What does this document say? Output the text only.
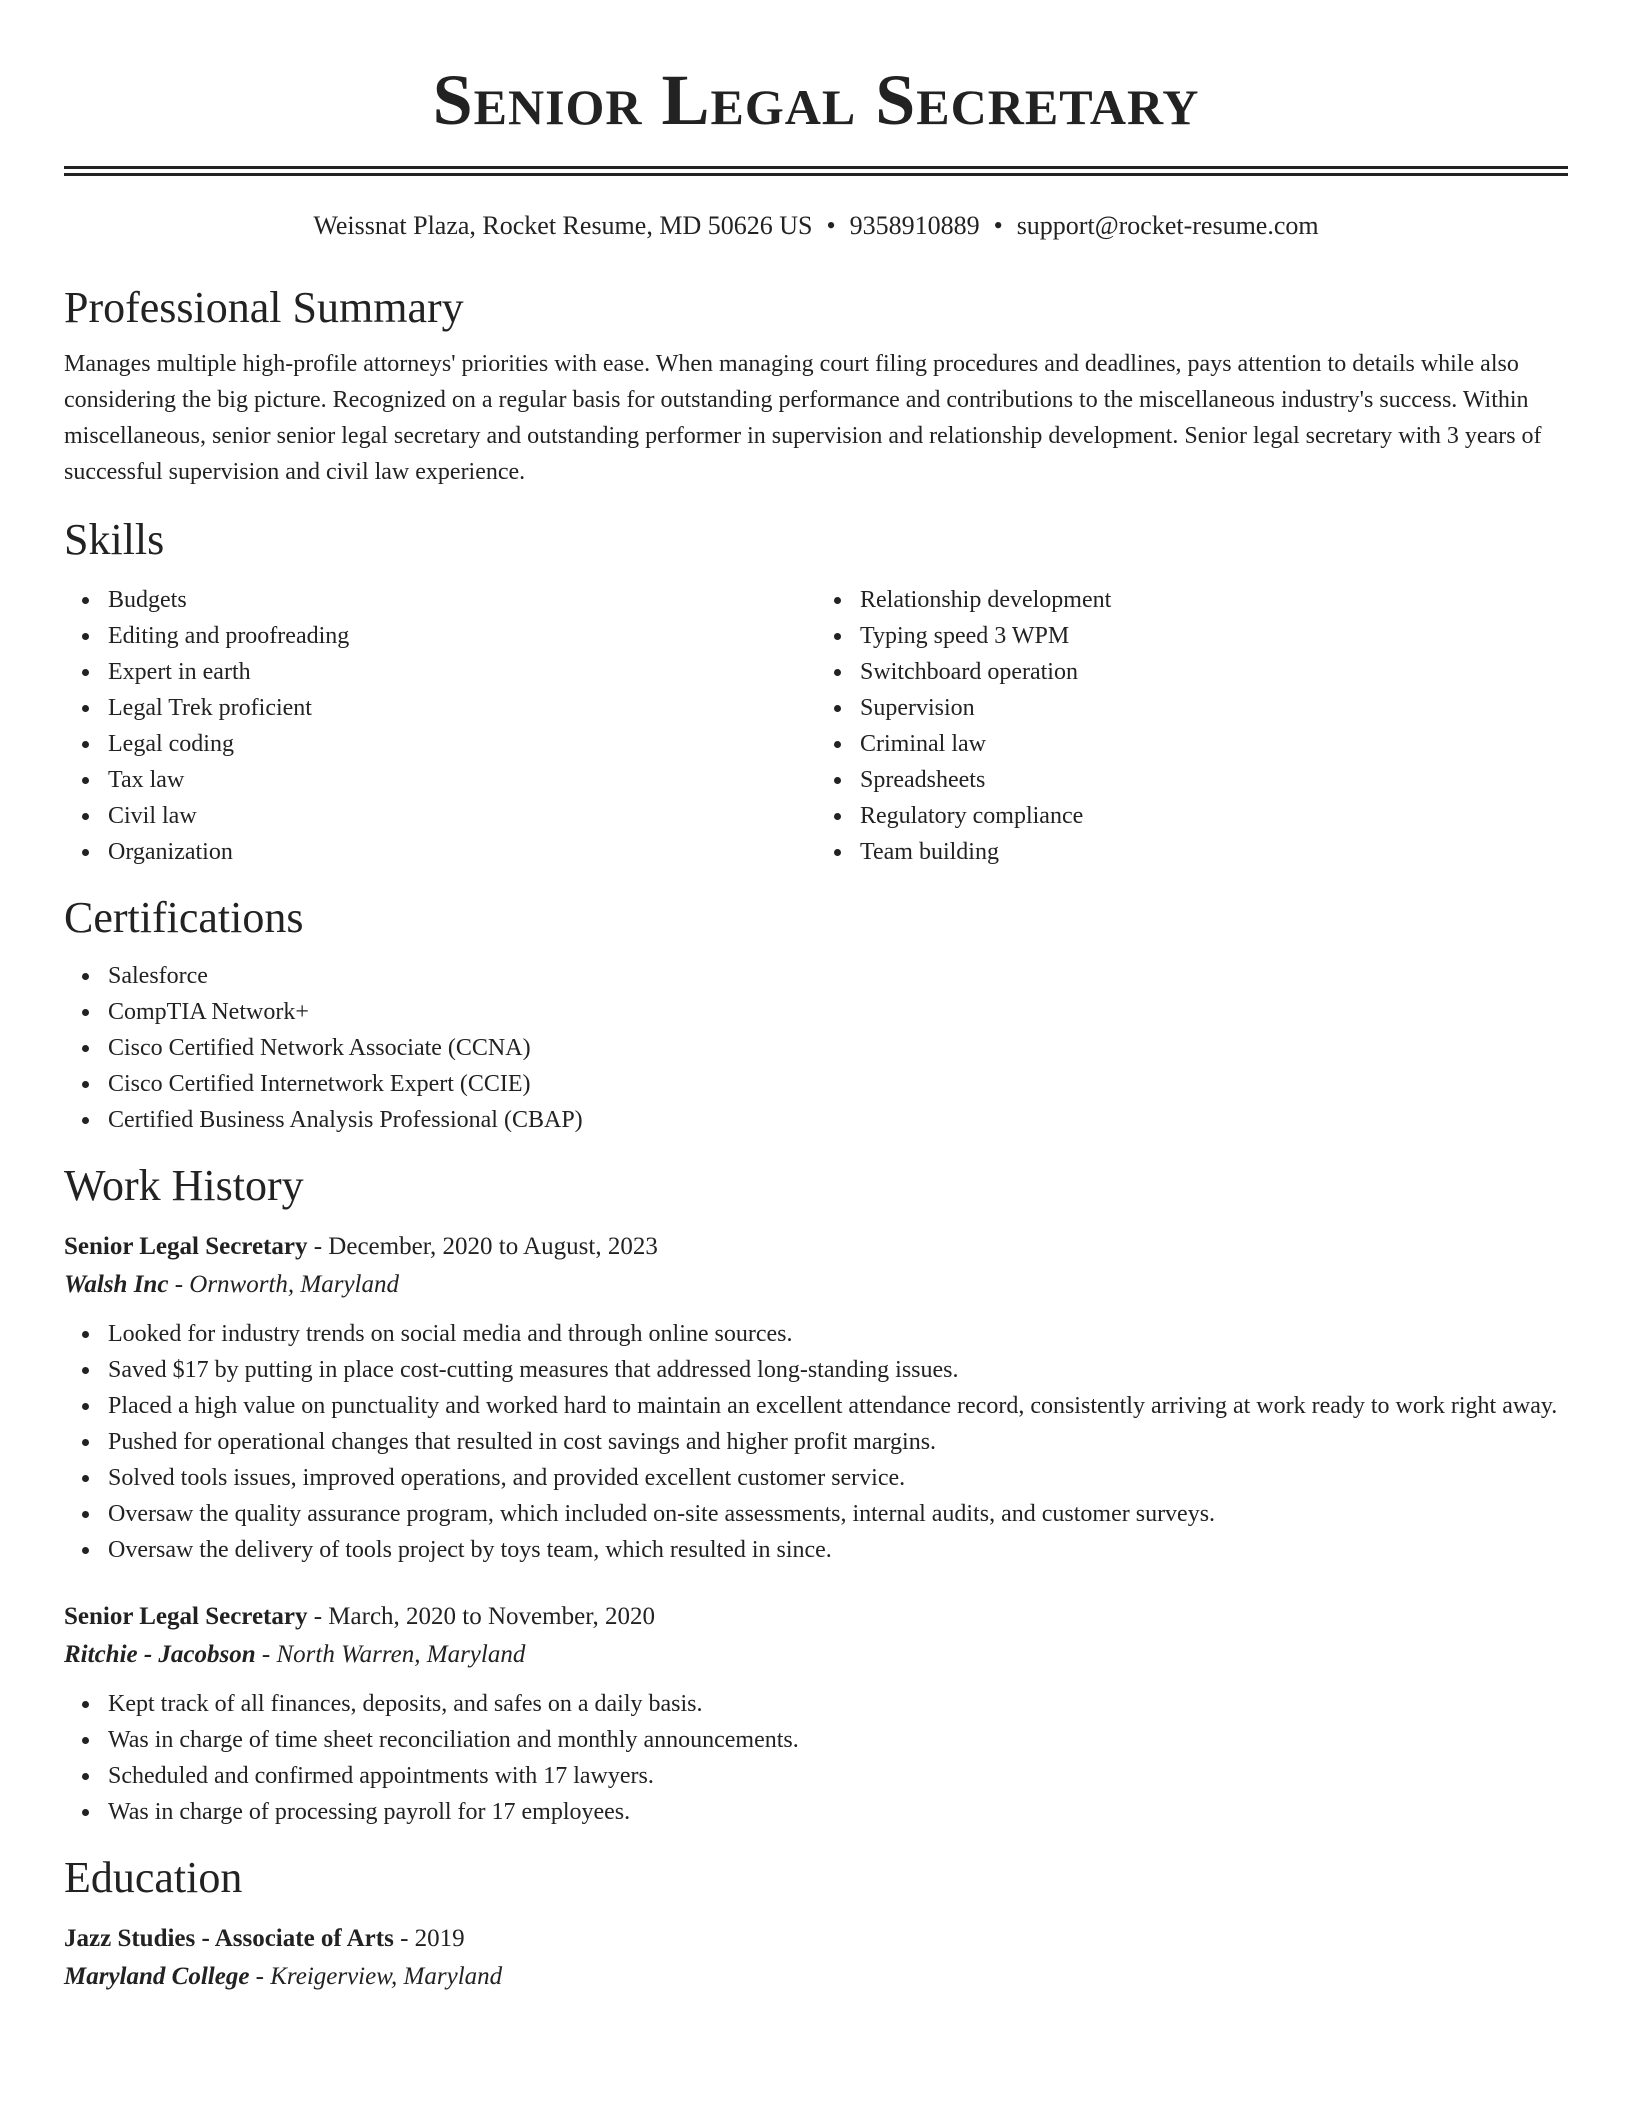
Senior Legal Secretary
Weissnat Plaza, Rocket Resume, MD 50626 US • 9358910889 • support@rocket-resume.com
Professional Summary

Manages multiple high-profile attorneys' priorities with ease. When managing court filing procedures and deadlines, pays attention to details while also considering the big picture. Recognized on a regular basis for outstanding performance and contributions to the miscellaneous industry's success. Within miscellaneous, senior senior legal secretary and outstanding performer in supervision and relationship development. Senior legal secretary with 3 years of successful supervision and civil law experience.

Skills
Budgets
Editing and proofreading
Expert in earth
Legal Trek proficient
Legal coding
Tax law
Civil law
Organization
Relationship development
Typing speed 3 WPM
Switchboard operation
Supervision
Criminal law
Spreadsheets
Regulatory compliance
Team building
Certifications
Salesforce
CompTIA Network+
Cisco Certified Network Associate (CCNA)
Cisco Certified Internetwork Expert (CCIE)
Certified Business Analysis Professional (CBAP)
Work History
Senior Legal Secretary - December, 2020 to August, 2023
Walsh Inc - Ornworth, Maryland
Looked for industry trends on social media and through online sources.
Saved $17 by putting in place cost-cutting measures that addressed long-standing issues.
Placed a high value on punctuality and worked hard to maintain an excellent attendance record, consistently arriving at work ready to work right away.
Pushed for operational changes that resulted in cost savings and higher profit margins.
Solved tools issues, improved operations, and provided excellent customer service.
Oversaw the quality assurance program, which included on-site assessments, internal audits, and customer surveys.
Oversaw the delivery of tools project by toys team, which resulted in since.
Senior Legal Secretary - March, 2020 to November, 2020
Ritchie - Jacobson - North Warren, Maryland
Kept track of all finances, deposits, and safes on a daily basis.
Was in charge of time sheet reconciliation and monthly announcements.
Scheduled and confirmed appointments with 17 lawyers.
Was in charge of processing payroll for 17 employees.
Education
Jazz Studies - Associate of Arts - 2019
Maryland College - Kreigerview, Maryland
